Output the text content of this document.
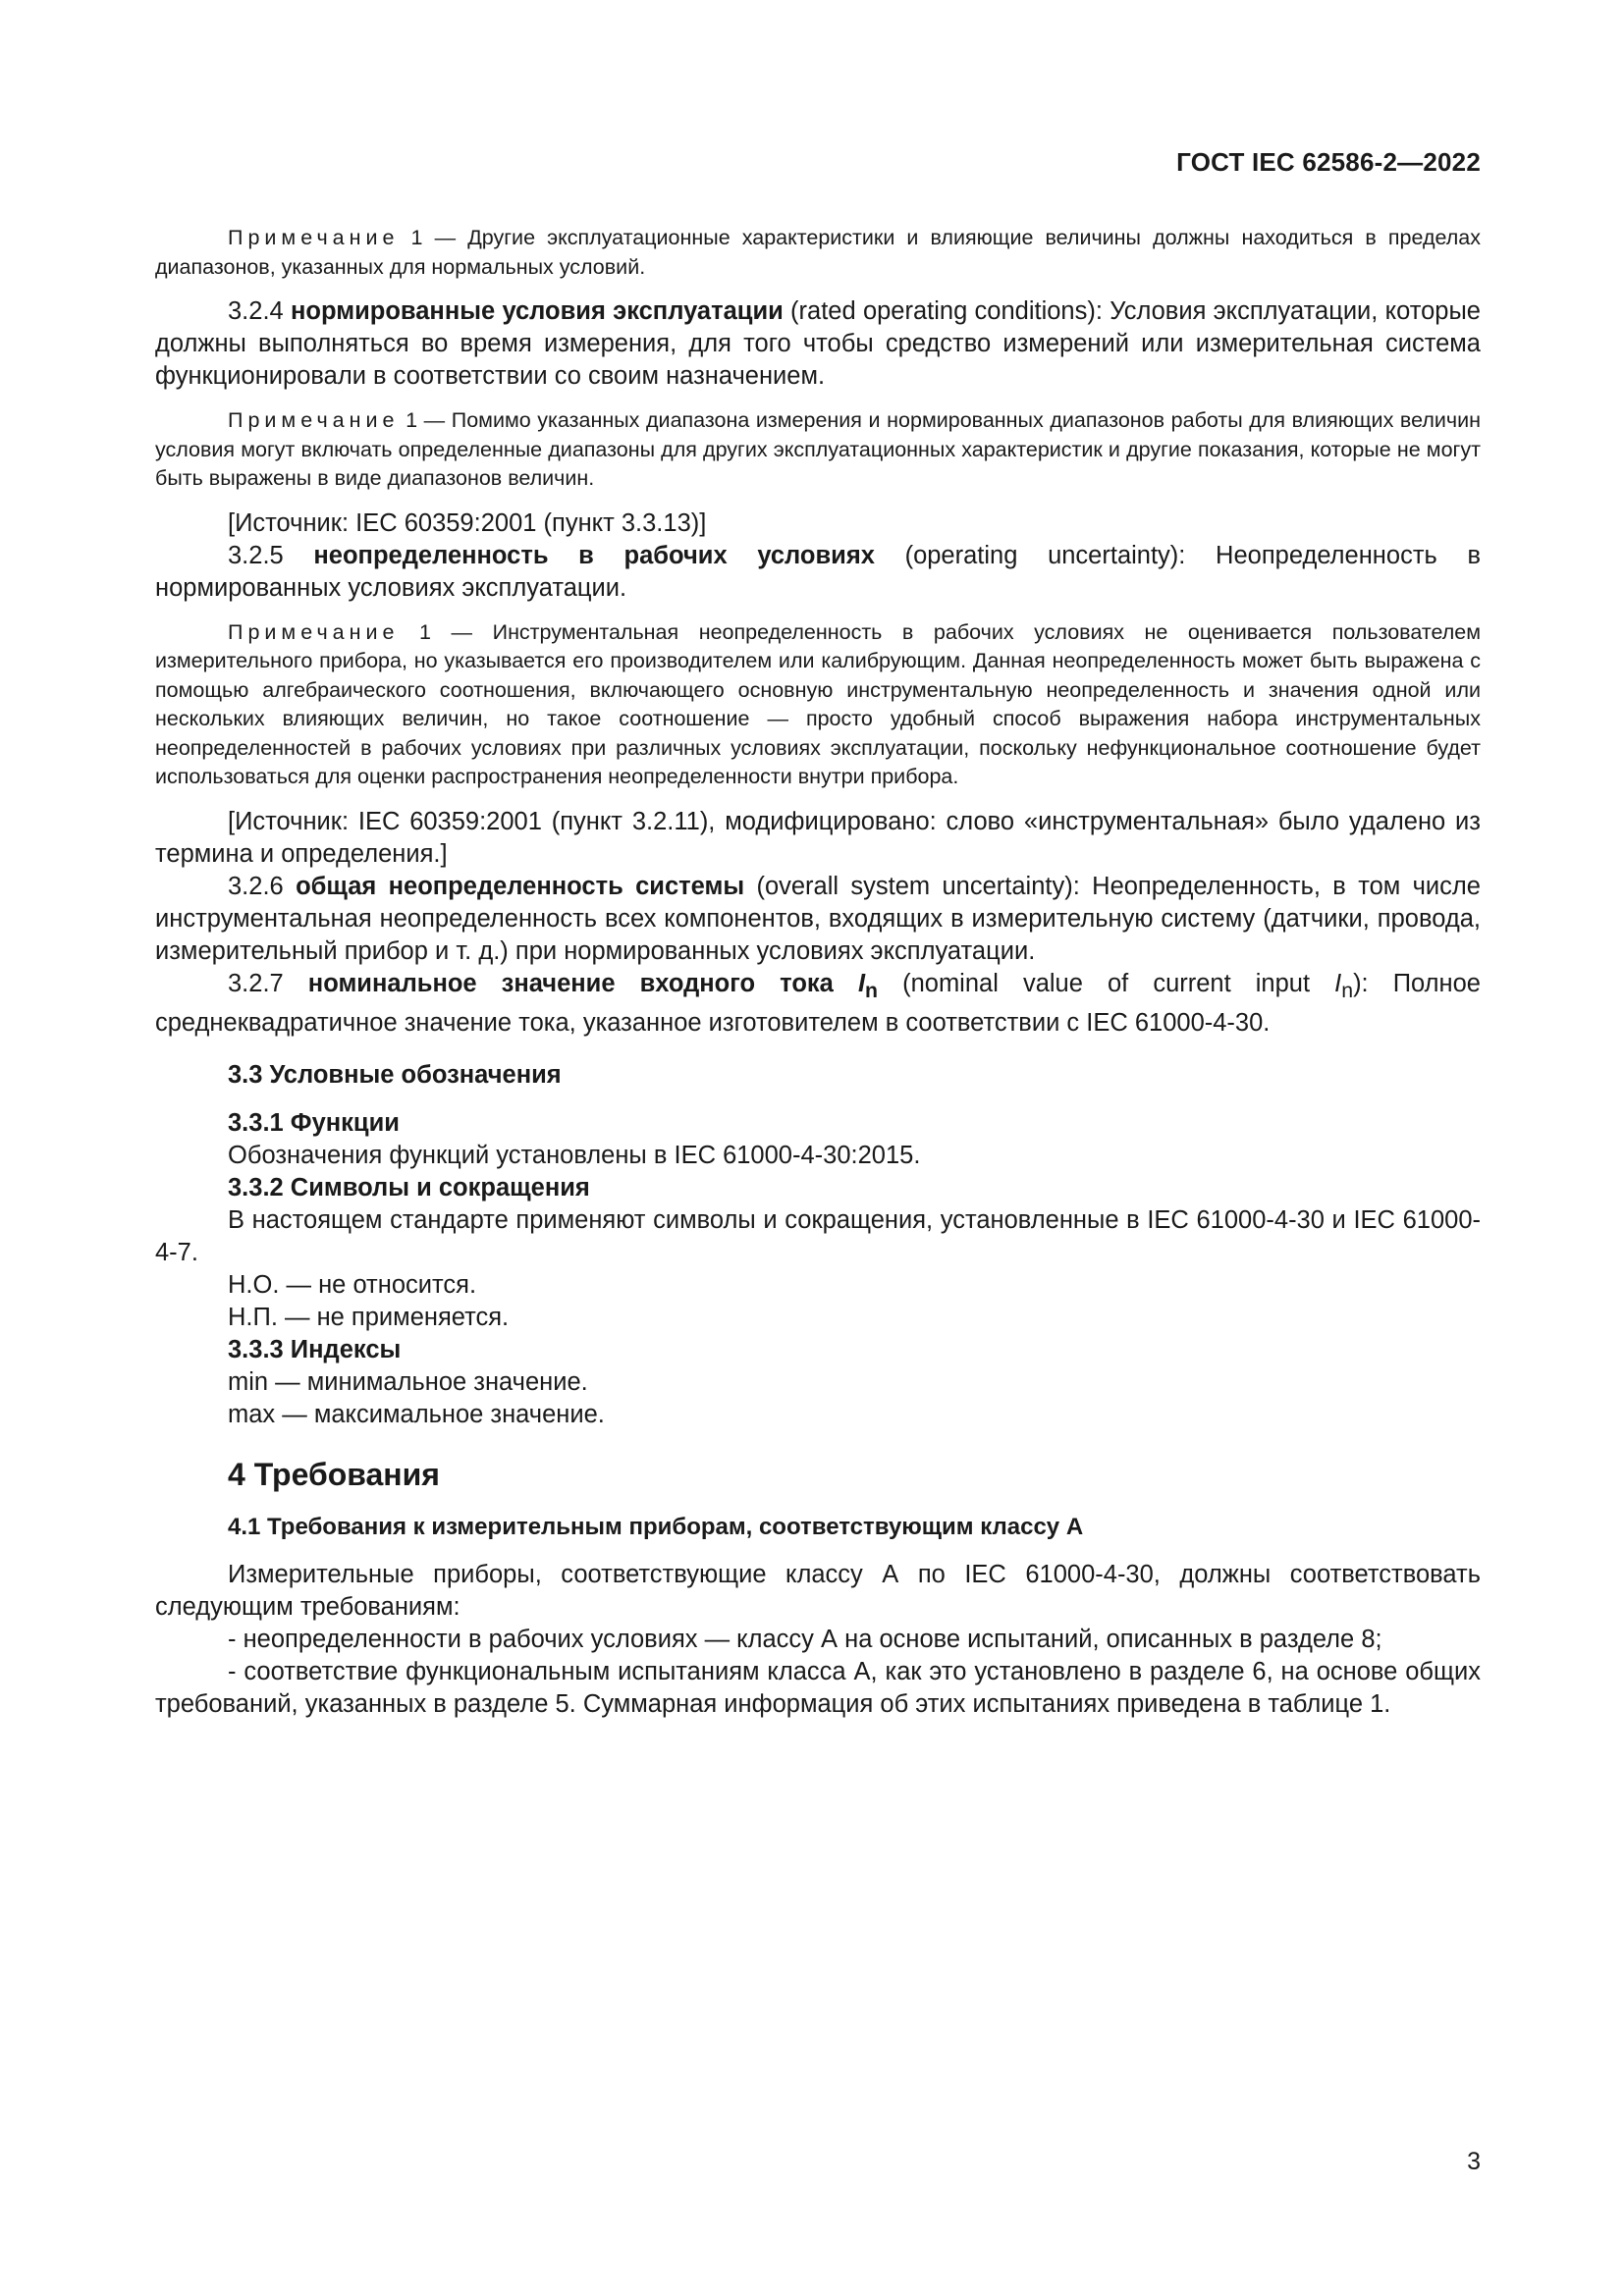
ГОСТ IEC 62586-2—2022

Примечание 1 — Другие эксплуатационные характеристики и влияющие величины должны находиться в пределах диапазонов, указанных для нормальных условий.

3.2.4 нормированные условия эксплуатации (rated operating conditions): Условия эксплуатации, которые должны выполняться во время измерения, для того чтобы средство измерений или измерительная система функционировали в соответствии со своим назначением.

Примечание 1 — Помимо указанных диапазона измерения и нормированных диапазонов работы для влияющих величин условия могут включать определенные диапазоны для других эксплуатационных характеристик и другие показания, которые не могут быть выражены в виде диапазонов величин.

[Источник: IEC 60359:2001 (пункт 3.3.13)]

3.2.5 неопределенность в рабочих условиях (operating uncertainty): Неопределенность в нормированных условиях эксплуатации.

Примечание 1 — Инструментальная неопределенность в рабочих условиях не оценивается пользователем измерительного прибора, но указывается его производителем или калибрующим. Данная неопределенность может быть выражена с помощью алгебраического соотношения, включающего основную инструментальную неопределенность и значения одной или нескольких влияющих величин, но такое соотношение — просто удобный способ выражения набора инструментальных неопределенностей в рабочих условиях при различных условиях эксплуатации, поскольку нефункциональное соотношение будет использоваться для оценки распространения неопределенности внутри прибора.

[Источник: IEC 60359:2001 (пункт 3.2.11), модифицировано: слово «инструментальная» было удалено из термина и определения.]

3.2.6 общая неопределенность системы (overall system uncertainty): Неопределенность, в том числе инструментальная неопределенность всех компонентов, входящих в измерительную систему (датчики, провода, измерительный прибор и т. д.) при нормированных условиях эксплуатации.

3.2.7 номинальное значение входного тока $I_n$ (nominal value of current input $I_n$): Полное среднеквадратичное значение тока, указанное изготовителем в соответствии с IEC 61000-4-30.

3.3 Условные обозначения

3.3.1 Функции

Обозначения функций установлены в IEC 61000-4-30:2015.

3.3.2 Символы и сокращения

В настоящем стандарте применяют символы и сокращения, установленные в IEC 61000-4-30 и IEC 61000-4-7.

Н.О. — не относится.

Н.П. — не применяется.

3.3.3 Индексы

min — минимальное значение.

max — максимальное значение.

4 Требования

4.1 Требования к измерительным приборам, соответствующим классу А

Измерительные приборы, соответствующие классу А по IEC 61000-4-30, должны соответствовать следующим требованиям:

- неопределенности в рабочих условиях — классу А на основе испытаний, описанных в разделе 8;

- соответствие функциональным испытаниям класса А, как это установлено в разделе 6, на основе общих требований, указанных в разделе 5. Суммарная информация об этих испытаниях приведена в таблице 1.

3
